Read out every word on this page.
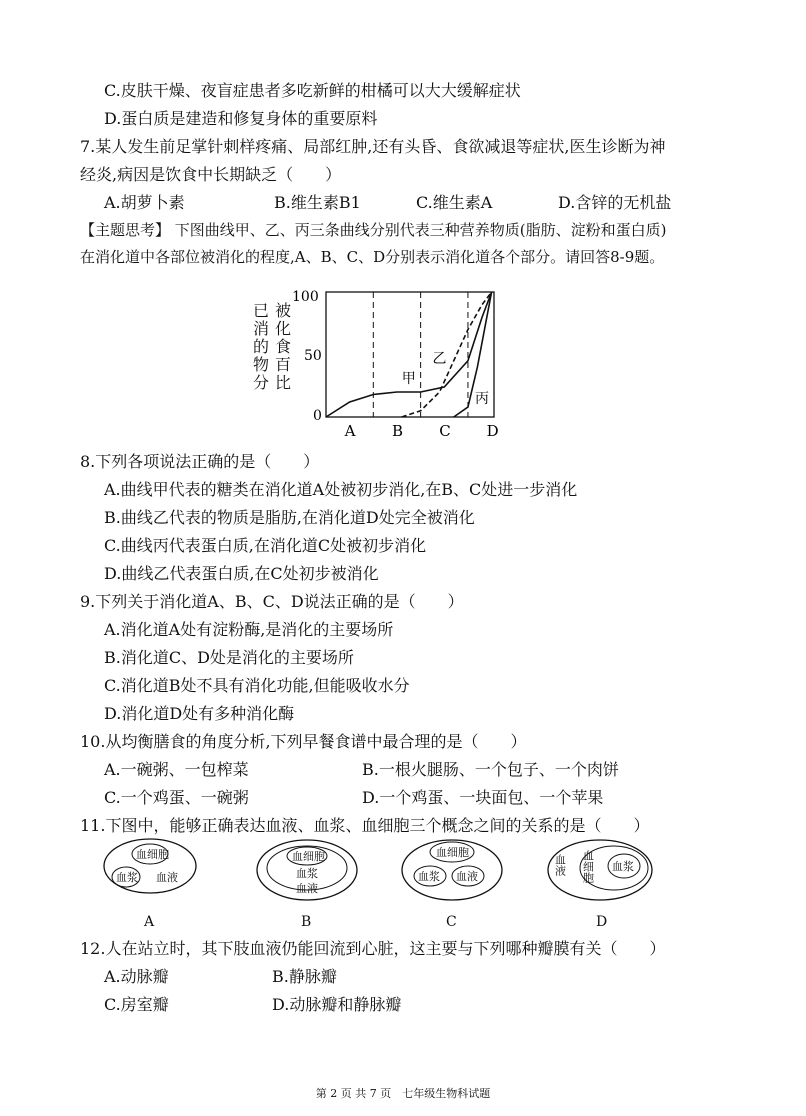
C.皮肤干燥、夜盲症患者多吃新鲜的柑橘可以大大缓解症状
D.蛋白质是建造和修复身体的重要原料
7.某人发生前足掌针刺样疼痛、局部红肿,还有头昏、食欲减退等症状,医生诊断为神
经炎,病因是饮食中长期缺乏（　　）
A.胡萝卜素	B.维生素B1	C.维生素A	D.含锌的无机盐
【主题思考】 下图曲线甲、乙、丙三条曲线分别代表三种营养物质(脂肪、淀粉和蛋白质)
在消化道中各部位被消化的程度,A、B、C、D分别表示消化道各个部分。请回答8-9题。
已消的物分 被化食百比
100
50
0
甲
乙
丙
A B C D
8.下列各项说法正确的是（　　）
A.曲线甲代表的糖类在消化道A处被初步消化,在B、C处进一步消化
B.曲线乙代表的物质是脂肪,在消化道D处完全被消化
C.曲线丙代表蛋白质,在消化道C处被初步消化
D.曲线乙代表蛋白质,在C处初步被消化
9.下列关于消化道A、B、C、D说法正确的是（　　）
A.消化道A处有淀粉酶,是消化的主要场所
B.消化道C、D处是消化的主要场所
C.消化道B处不具有消化功能,但能吸收水分
D.消化道D处有多种消化酶
10.从均衡膳食的角度分析,下列早餐食谱中最合理的是（　　）
A.一碗粥、一包榨菜	B.一根火腿肠、一个包子、一个肉饼
C.一个鸡蛋、一碗粥	D.一个鸡蛋、一块面包、一个苹果
11.下图中，能够正确表达血液、血浆、血细胞三个概念之间的关系的是（　　）
血细胞
血浆 血液
A
血细胞
血浆
血液
B
血细胞
血浆 血液
C
血液 血细胞 血浆
D
12.人在站立时，其下肢血液仍能回流到心脏，这主要与下列哪种瓣膜有关（　　）
A.动脉瓣	B.静脉瓣
C.房室瓣	D.动脉瓣和静脉瓣
第 2 页 共 7 页　七年级生物科试题
